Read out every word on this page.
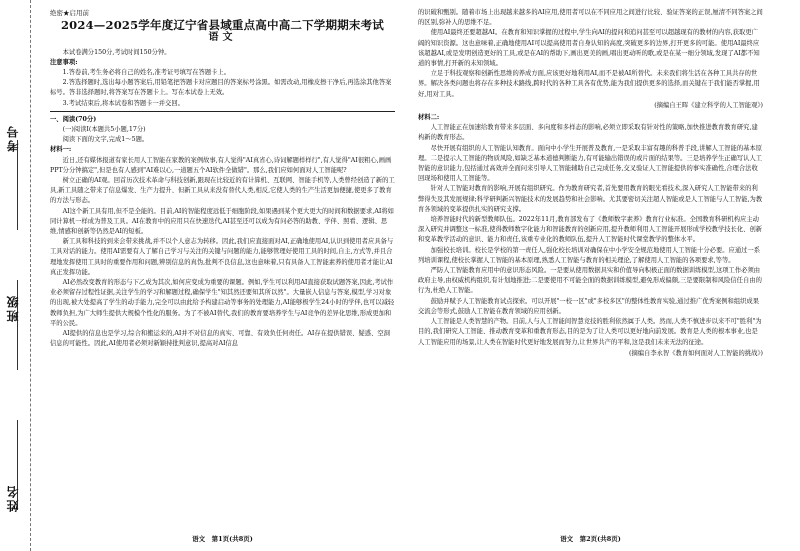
考号
班级
姓名
绝密★启用前
2024—2025学年度辽宁省县域重点高中高二下学期期末考试
语文

本试卷满分150分,考试时间150分钟。

注意事项:

1.答卷前,考生务必将自己的姓名,准考证号填写在答题卡上。

2.答选择题时,选出每小题答案后,用铅笔把答题卡对应题目的答案标号涂黑。如需改动,用橡皮擦干净后,再选涂其他答案标号。答非选择题时,将答案写在答题卡上。写在本试卷上无效。

3.考试结束后,将本试卷和答题卡一并交回。

一、阅读(70分)

(一)阅读Ⅰ(本题共5小题,17分)

阅读下面的文字,完成1～5题。

材料一:

近日,还有媒体报道有家长用人工智能在家教的案例故事,有人觉得"AI真省心,诗词解题样样行",有人觉得"AI很粗心,画画PPT分分钟搞定",但是也有人感到"AI难以心,一道题五个AI软件全做错"。那么,我们应如何面对人工智能呢?

树立正确的AI观。回首历次技术革命与科技创新,跟现在比较近的有计算机、互联网、智能手机等,人类曾经创造了新的工具,新工具随之带来了信息爆发、生产力提升、但新工具从来没有替代人类,相反,它使人类的生产生活更加便捷,使更多了教育的方法与形态。

AI这个新工具有用,但不是全能的。目前,AI的智能程度远低于细胞阶段,如果遇到某个更大更大的时间和数据要求,AI将如同计算机一样成为普及工具。AI在教育中的应用只在快速迭代,AI甚至还可以成为有问必答的助教、学伴、照看、逻辑、思维,情感和创新等仍然是AI的短板。

新工具和科技的到来会带来挑战,并不以个人意志为转移。因此,我们应直接面对AI,正确地使用AI,认识到使用者应具备与工具对话的能力。使用AI需要有人了解自己学习与关注的关键与问题的能力,能够管理好使用工具的时间,自主,方式等,并且合理地发挥使用工具时的重要作用和问题,辨别信息的真伪,批判不良信息,这也意味着,只有具备人工智能素养的使用者才能让AI真正发挥功能。

AI必然改变教育的形态与下乙成为其次,如何应变成为重要的课题。例如,学生可以利用AI直接获取试题答案,因此,考试作业必须留存过程性证据,关注学生的学习和解题过程,确保学生"知其然还要知其所以然"。大量嵌人信息与答案,模型,学习对象的出现,被大处提高了学生的动手能力,完全可以由此给予构建启动等事务的处理能力,AI能够极学生24小时的学伴,也可以减轻教师负担,为广大师生提供大规模个性化的服务。为了不被AI替代,我们的教育要培养学生与AI竞争的差异化思维,形成更加和平的公民。

AI提供的信息也是学习,综合和搬运来的,AI并不对信息的真实、可靠、有效负任何责任。AI存在提供错误、疑惑、空洞信息的可能性。因此,AI使用者必须对新颖持批判意识,提高对AI信息

的识破和甄别。随着市场上出现越来越多的AI应用,使用者可以在不同应用之间进行比较、验证答案的正误,厘清不同答案之间的区别,弥补人的思维不足。

使用AI最终还要超越AI。在教育和知识掌握的过程中,学生向AI的提问和追问甚至可以超越现有的教材的内容,获取更广阔的知识资源。这也意味着,正确地使用AI可以提高使用者自身认知的高度,突破更多的边界,打开更多的可能。使用AI最终应该超越AI,或是发明创造更好的工具,或是在AI的帮助下,画出更美的画,唱出更动听的歌,或是在某一细分领域,发现了AI都不知道的事情,打开新的未知领域。

立足于科技观察和创新性思维的养成方面,应该更好地利用AI,而不是被AI所替代。未来我们将生活在各种工具共存的世界。解决各类问题也将存在多种技术路线,跨时代的各种工具各有优势,能为我们提供更多的选择,而关键在于我们能否掌握,用好,用对工具。

(摘编自王晖《建立科学的人工智能观》)
材料二:

人工智能正在加速给教育带来多层面、多向度和多样态的影响,必须立即采取有针对性的策略,加快推进教育教育研究,建构新的教育形态。

尽快开展有组织的人工智能认知教育。面向中小学生开展普及教育,一是采取丰富有趣的科普手段,讲解人工智能的基本原理。二是提示人工智能的物质风险,如缺乏基本道德判断能力,有可能输出错误的或片面的结果等。三是培养学生正确写认人工智能的意识能力,包括通过高效并全面问来引导人工智能辅助自己完成任务,交叉验证人工智能提供的事实准确性,合理合法收回现场和使用人工智能等。

针对人工智能对教育的影响,开展有组织研究。作为教育研究者,首先要用教育的眼光看技术,深入研究人工智能带来的利弊得失及其发展规律;科学研判新兴智能技术的发展趋势和社会影响。尤其要密切关注超人智能或是人工智能与人工智能,为教育各领域的变革提供扎实的研究支撑。

培养智能时代的新型教师队伍。2022年11月,教育部发布了《教师数字素养》教育行业标准。全国教育科研机构应主动深入研究并调整这一标准,使得教师数字化能力和智能教育的创新应用,提升教师利用人工智能开展形成学校教学技长化、创新和变革教学活动的意识、能力和责任,该重专业化的教师队伍,提升人工智能时代课堂教学的整体水平。

加强校长培训。校长是学校的第一责任人,强化校长培训对确保在中小学安全规范地使用人工智能十分必要。应通过一系列培训课程,使校长掌握人工智能的基本原理,熟悉人工智能与教育的相关理论,了解使用人工智能的各项要求,等等。

严防人工智能教育应用中的意识形态风险。一是要从使用数据具实和价值导向积极正面的数据训练模型,这项工作必须由政府主导,由权威机构组织,有计划地推进;二是要使用不可能全面的数据训练模型,避免形成偏颇,三是要限制和风险信任自由的行为,杜绝人工智能。

鼓励并赋予人工智能教育试点探索。可以开展"一校一区"或"多校多区"的整体性教育实验,通过推广优秀案例和组织成果交流会等形式,鼓励人工智能在教育领域的应用创新。

人工智能是人类智慧的产物。目前,人与人工智能间智慧竞技的胜利依然属于人类。然而,人类不慎进步以来不可"胜利"为目的,我们研究人工智能、推动教育变革和重教育形态,目的是为了让人类可以更好地向前发展。教育是人类的根本事业,也是人工智能应用的场景,让人类在智能时代更好地发展而努力,让世界共产的平和,这是我们未来无法的征途。

(摘编自李永智《教育如何面对人工智能的挑战》)
语文　第1页(共8页)	语文　第2页(共8页)
